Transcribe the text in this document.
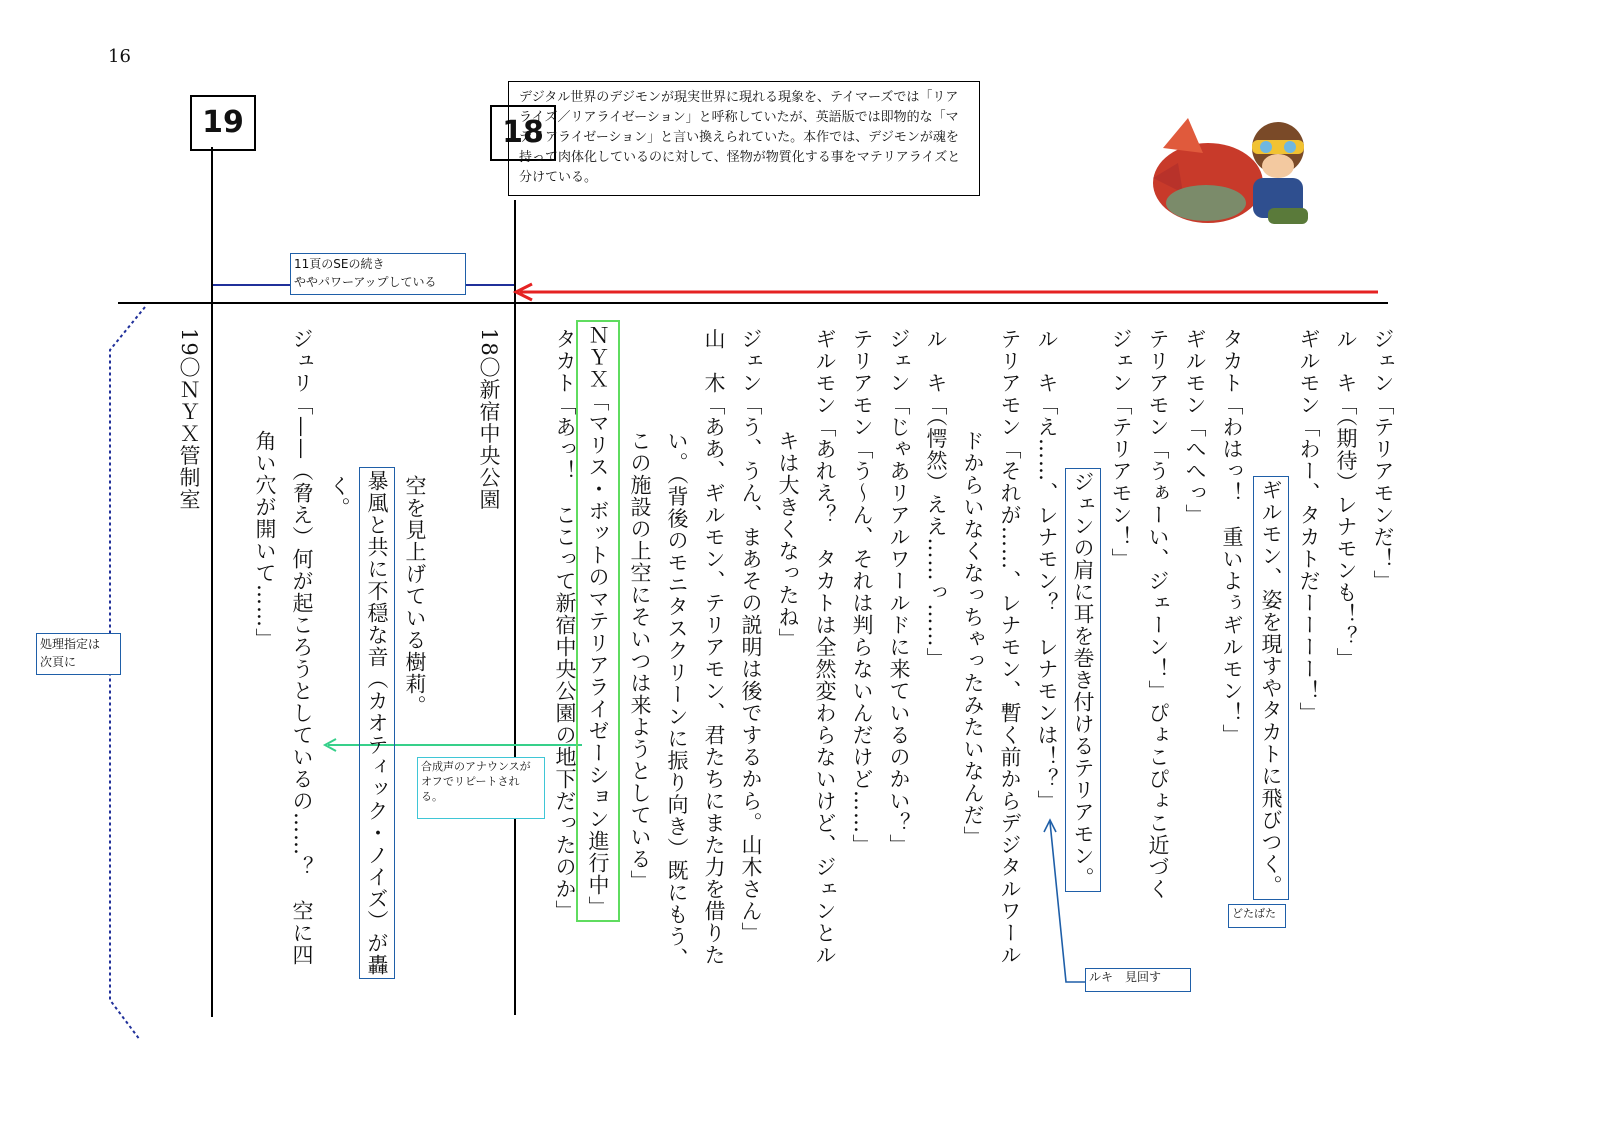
16
19	18
デジタル世界のデジモンが現実世界に現れる現象を、テイマーズでは「リアライズ／リアライゼーション」と呼称していたが、英語版では即物的な「マテリアライゼーション」と言い換えられていた。本作では、デジモンが魂を持って肉体化しているのに対して、怪物が物質化する事をマテリアライズと分けている。
11頁のSEの続き
ややパワーアップしている
処理指定は
次頁に
合成声のアナウンスがオフでリピートされる。
どたばた
ルキ　見回す
ジェン「テリアモンだ！」
ル　キ「（期待）レナモンも！？」
ギルモン「わー、タカトだーーーー！」
ギルモン、姿を現すやタカトに飛びつく。
タカト「わはっ！　重いよぅギルモン！」
ギルモン「へへっ」
テリアモン「うぁーい、ジェーン！」ぴょこぴょこ近づく
ジェン「テリアモン！」
ジェンの肩に耳を巻き付けるテリアモン。
ル　キ「え……、レナモン？　レナモンは！？」
テリアモン「それが……、レナモン、暫く前からデジタルワール
ドからいなくなっちゃったみたいなんだ」
ル　キ「（愕然）ええ……っ……」
ジェン「じゃあリアルワールドに来ているのかい？」
テリアモン「う〜ん、それは判らないんだけど……」
ギルモン「あれえ？　タカトは全然変わらないけど、ジェンとル
キは大きくなったね」
ジェン「う、うん、まあその説明は後でするから。山木さん」
山　木「ああ、ギルモン、テリアモン、君たちにまた力を借りた
い。（背後のモニタスクリーンに振り向き）既にもう、
この施設の上空にそいつは来ようとしている」
タカト「あっ！　ここって新宿中央公園の地下だったのか」 ＮＹＸ「マリス・ボットのマテリアライゼーション進行中」
18〇新宿中央公園
空を見上げている樹莉。
暴風と共に不穏な音（カオティック・ノイズ）が轟
く。
ジュリ「——（脅え）何が起ころうとしているの……？　空に四
角い穴が開いて……」
19〇ＮＹＸ管制室
